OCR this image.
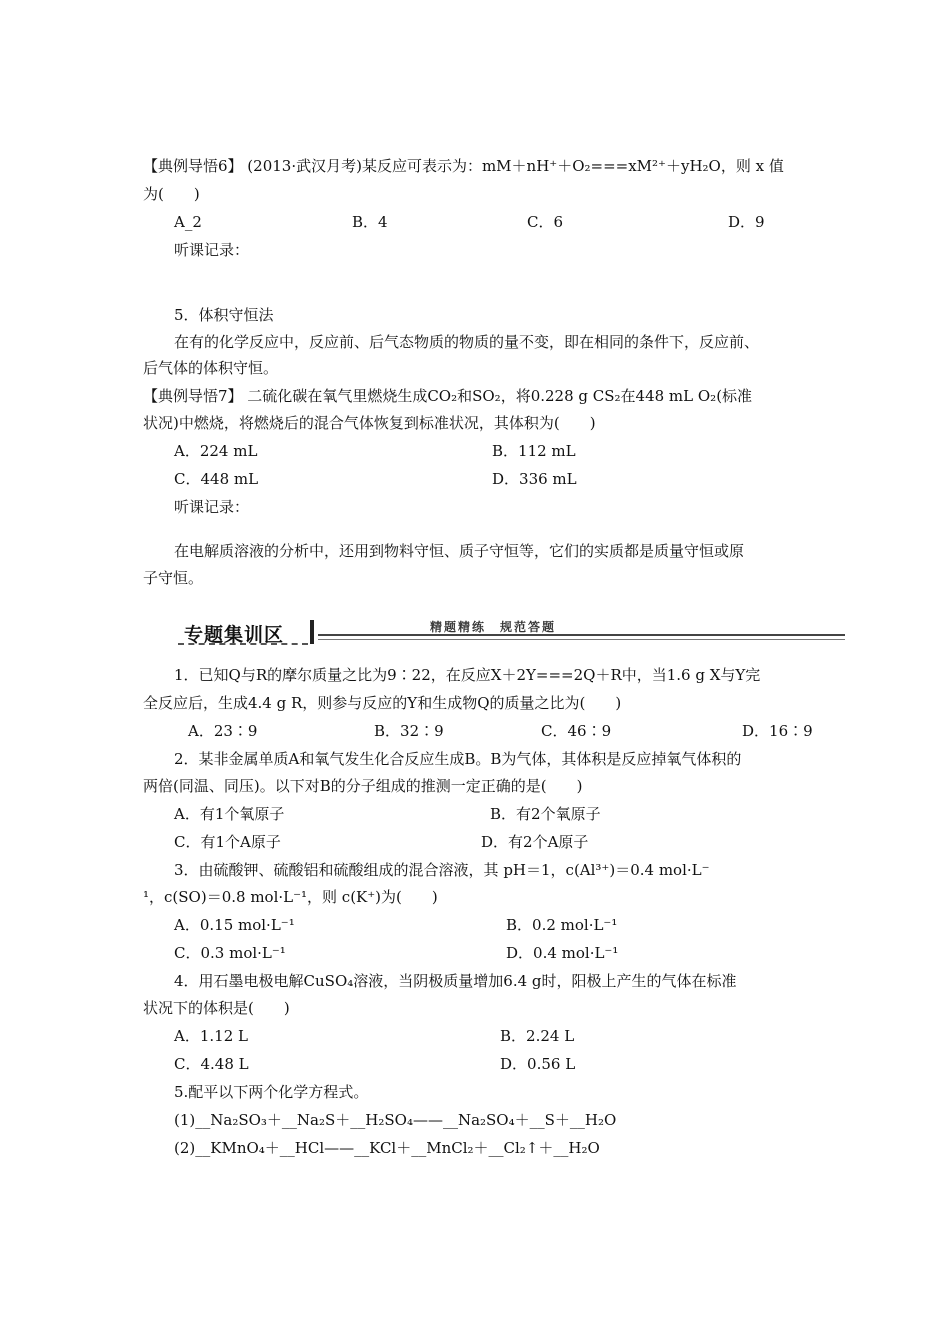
【典例导悟6】 (2013·武汉月考)某反应可表示为：mM＋nH⁺＋O₂===xM²⁺＋yH₂O，则 x 值
为(　　)
A_2	B．4	C．6	D．9
听课记录：
5．体积守恒法
在有的化学反应中，反应前、后气态物质的物质的量不变，即在相同的条件下，反应前、
后气体的体积守恒。
【典例导悟7】 二硫化碳在氧气里燃烧生成CO₂和SO₂，将0.228 g CS₂在448 mL O₂(标准
状况)中燃烧，将燃烧后的混合气体恢复到标准状况，其体积为(　　)
A．224 mL	B．112 mL
C．448 mL	D．336 mL
听课记录：
在电解质溶液的分析中，还用到物料守恒、质子守恒等，它们的实质都是质量守恒或原
子守恒。
1．已知Q与R的摩尔质量之比为9∶22，在反应X＋2Y===2Q＋R中，当1.6 g X与Y完
全反应后，生成4.4 g R，则参与反应的Y和生成物Q的质量之比为(　　)
A．23∶9	B．32∶9	C．46∶9	D．16∶9
2．某非金属单质A和氧气发生化合反应生成B。B为气体，其体积是反应掉氧气体积的
两倍(同温、同压)。以下对B的分子组成的推测一定正确的是(　　)
A．有1个氧原子	B．有2个氧原子
C．有1个A原子	D．有2个A原子
3．由硫酸钾、硫酸铝和硫酸组成的混合溶液，其 pH＝1，c(Al³⁺)＝0.4 mol·L⁻
¹，c(SO)＝0.8 mol·L⁻¹，则 c(K⁺)为(　　)
A．0.15 mol·L⁻¹	B．0.2 mol·L⁻¹
C．0.3 mol·L⁻¹	D．0.4 mol·L⁻¹
4．用石墨电极电解CuSO₄溶液，当阴极质量增加6.4 g时，阳极上产生的气体在标准
状况下的体积是(　　)
A．1.12 L	B．2.24 L
C．4.48 L	D．0.56 L
5.配平以下两个化学方程式。
(1)__Na₂SO₃＋__Na₂S＋__H₂SO₄——__Na₂SO₄＋__S＋__H₂O
(2)__KMnO₄＋__HCl——__KCl＋__MnCl₂＋__Cl₂↑＋__H₂O
专题集训区	精题精练　规范答题
